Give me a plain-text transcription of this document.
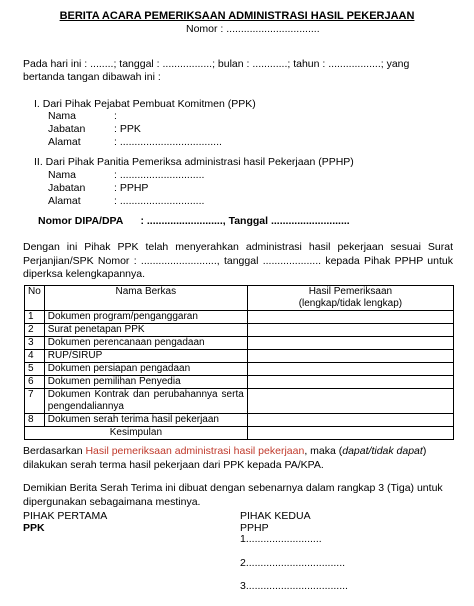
BERITA ACARA PEMERIKSAAN ADMINISTRASI HASIL PEKERJAAN
Nomor : ................................
Pada hari ini : ........; tanggal : .................; bulan : ............; tahun : ..................; yang
bertanda tangan dibawah ini :
I. Dari Pihak Pejabat Pembuat Komitmen (PPK)
Nama	:
Jabatan	: PPK
Alamat	: ...................................
II. Dari Pihak Panitia Pemeriksa administrasi hasil Pekerjaan (PPHP)
Nama	: .............................
Jabatan	: PPHP
Alamat	: .............................
Nomor DIPA/DPA      : .........................., Tanggal ...........................
Dengan ini Pihak PPK telah menyerahkan administrasi hasil pekerjaan sesuai Surat Perjanjian/SPK Nomor : .........................., tanggal .................... kepada Pihak PPHP untuk diperksa kelengkapannya.
No	Nama Berkas	Hasil Pemeriksaan
(lengkap/tidak lengkap)

1	Dokumen program/penganggaran	
2	Surat penetapan PPK	
3	Dokumen perencanaan pengadaan	
4	RUP/SIRUP	
5	Dokumen persiapan pengadaan	
6	Dokumen pemilihan Penyedia	
7	Dokumen Kontrak dan perubahannya serta pengendaliannya	
8	Dokumen serah terima hasil pekerjaan	
Kesimpulan		
Berdasarkan Hasil pemeriksaan administrasi hasil pekerjaan, maka (dapat/tidak dapat) dilakukan serah terma hasil pekerjaan dari PPK kepada PA/KPA.
Demikian Berita Serah Terima ini dibuat dengan sebenarnya dalam rangkap 3 (Tiga) untuk dipergunakan sebagaimana mestinya.
PIHAK PERTAMA
PPK
PIHAK KEDUA
PPHP
1..........................
2..................................
3...................................
